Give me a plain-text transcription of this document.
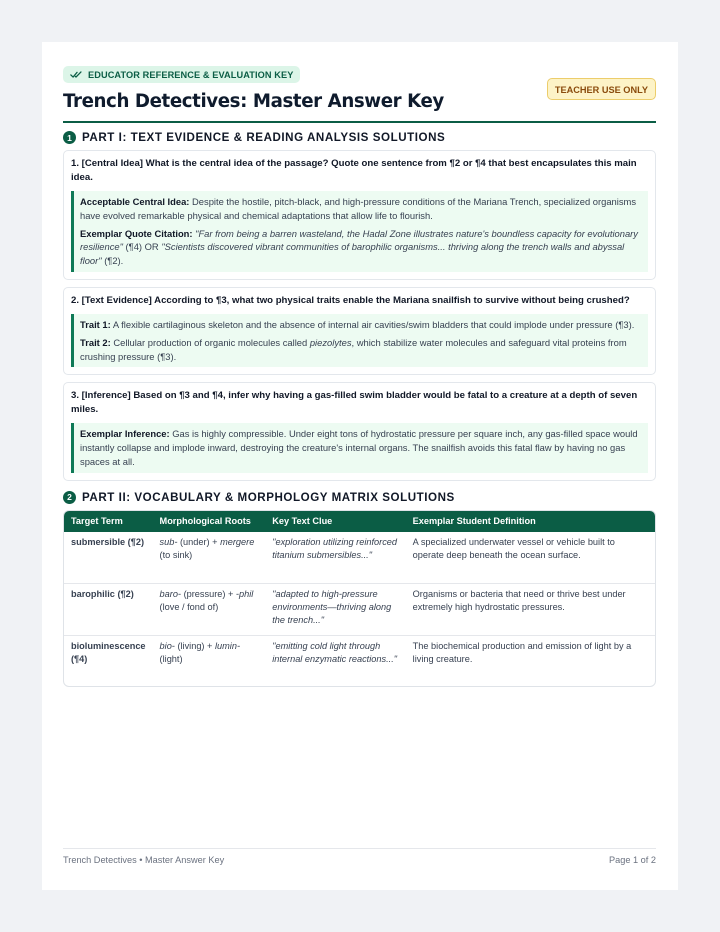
EDUCATOR REFERENCE & EVALUATION KEY
Trench Detectives: Master Answer Key
TEACHER USE ONLY
1 PART I: TEXT EVIDENCE & READING ANALYSIS SOLUTIONS
1. [Central Idea] What is the central idea of the passage? Quote one sentence from ¶2 or ¶4 that best encapsulates this main idea.

Acceptable Central Idea: Despite the hostile, pitch-black, and high-pressure conditions of the Mariana Trench, specialized organisms have evolved remarkable physical and chemical adaptations that allow life to flourish.

Exemplar Quote Citation: "Far from being a barren wasteland, the Hadal Zone illustrates nature's boundless capacity for evolutionary resilience" (¶4) OR "Scientists discovered vibrant communities of barophilic organisms... thriving along the trench walls and abyssal floor" (¶2).

2. [Text Evidence] According to ¶3, what two physical traits enable the Mariana snailfish to survive without being crushed?

Trait 1: A flexible cartilaginous skeleton and the absence of internal air cavities/swim bladders that could implode under pressure (¶3).

Trait 2: Cellular production of organic molecules called piezolytes, which stabilize water molecules and safeguard vital proteins from crushing pressure (¶3).

3. [Inference] Based on ¶3 and ¶4, infer why having a gas-filled swim bladder would be fatal to a creature at a depth of seven miles.

Exemplar Inference: Gas is highly compressible. Under eight tons of hydrostatic pressure per square inch, any gas-filled space would instantly collapse and implode inward, destroying the creature's internal organs. The snailfish avoids this fatal flaw by having no gas spaces at all.

2 PART II: VOCABULARY & MORPHOLOGY MATRIX SOLUTIONS
Target Term	Morphological Roots	Key Text Clue	Exemplar Student Definition
submersible (¶2)	sub- (under) + mergere (to sink)	"exploration utilizing reinforced titanium submersibles..."	A specialized underwater vessel or vehicle built to operate deep beneath the ocean surface.
barophilic (¶2)	baro- (pressure) + -phil (love / fond of)	"adapted to high-pressure environments—thriving along the trench..."	Organisms or bacteria that need or thrive best under extremely high hydrostatic pressures.
bioluminescence (¶4)	bio- (living) + lumin- (light)	"emitting cold light through internal enzymatic reactions..."	The biochemical production and emission of light by a living creature.
Trench Detectives • Master Answer Key	Page 1 of 2
